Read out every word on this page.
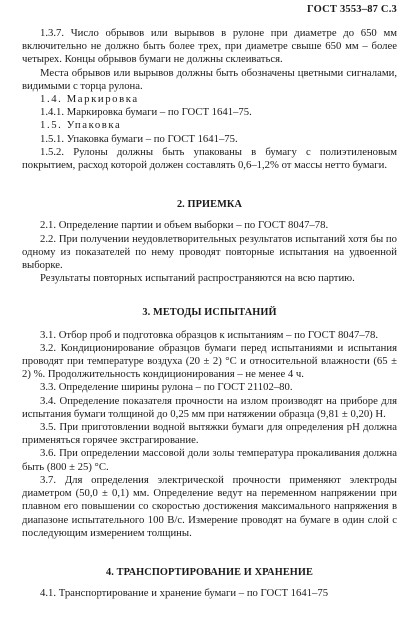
ГОСТ 3553–87 С.3

1.3.7. Число обрывов или вырывов в рулоне при диаметре до 650 мм включительно не должно быть более трех, при диаметре свыше 650 мм – более четырех. Концы обрывов бумаги не должны склеиваться.

Места обрывов или вырывов должны быть обозначены цветными сигналами, видимыми с торца рулона.

1.4. Маркировка

1.4.1. Маркировка бумаги – по ГОСТ 1641–75.

1.5. Упаковка

1.5.1. Упаковка бумаги – по ГОСТ 1641–75.

1.5.2. Рулоны должны быть упакованы в бумагу с полиэтиленовым покрытием, расход которой должен составлять 0,6–1,2% от массы нетто бумаги.

2. ПРИЕМКА

2.1. Определение партии и объем выборки – по ГОСТ 8047–78.

2.2. При получении неудовлетворительных результатов испытаний хотя бы по одному из показателей по нему проводят повторные испытания на удвоенной выборке.

Результаты повторных испытаний распространяются на всю партию.

3. МЕТОДЫ ИСПЫТАНИЙ

3.1. Отбор проб и подготовка образцов к испытаниям – по ГОСТ 8047–78.

3.2. Кондиционирование образцов бумаги перед испытаниями и испытания проводят при температуре воздуха (20 ± 2) °С и относительной влажности (65 ± 2) %. Продолжительность кондиционирования – не менее 4 ч.

3.3. Определение ширины рулона – по ГОСТ 21102–80.

3.4. Определение показателя прочности на излом производят на приборе для испытания бумаги толщиной до 0,25 мм при натяжении образца (9,81 ± 0,20) Н.

3.5. При приготовлении водной вытяжки бумаги для определения рН должна применяться горячее экстрагирование.

3.6. При определении массовой доли золы температура прокаливания должна быть (800 ± 25) °С.

3.7. Для определения электрической прочности применяют электроды диаметром (50,0 ± 0,1) мм. Определение ведут на переменном напряжении при плавном его повышении со скоростью достижения максимального напряжения в диапазоне испытательного 100 В/с. Измерение проводят на бумаге в один слой с последующим измерением толщины.

4. ТРАНСПОРТИРОВАНИЕ И ХРАНЕНИЕ

4.1. Транспортирование и хранение бумаги – по ГОСТ 1641–75
